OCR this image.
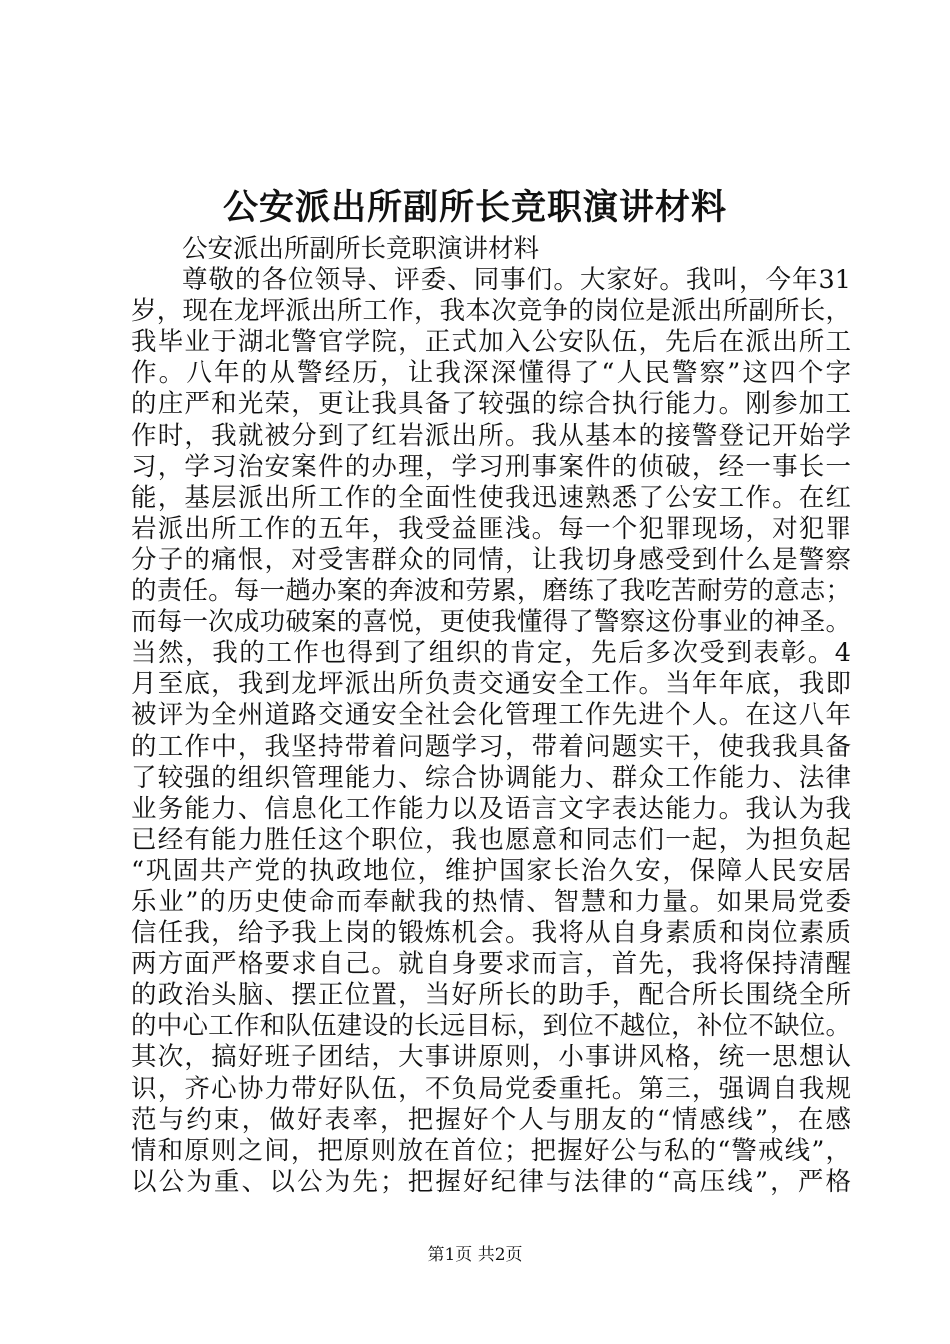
公安派出所副所长竞职演讲材料
公安派出所副所长竞职演讲材料
尊敬的各位领导、评委、同事们。大家好。我叫，今年31
岁，现在龙坪派出所工作，我本次竞争的岗位是派出所副所长，
我毕业于湖北警官学院，正式加入公安队伍，先后在派出所工
作。八年的从警经历，让我深深懂得了“人民警察”这四个字
的庄严和光荣，更让我具备了较强的综合执行能力。刚参加工
作时，我就被分到了红岩派出所。我从基本的接警登记开始学
习，学习治安案件的办理，学习刑事案件的侦破，经一事长一
能，基层派出所工作的全面性使我迅速熟悉了公安工作。在红
岩派出所工作的五年，我受益匪浅。每一个犯罪现场，对犯罪
分子的痛恨，对受害群众的同情，让我切身感受到什么是警察
的责任。每一趟办案的奔波和劳累，磨练了我吃苦耐劳的意志；
而每一次成功破案的喜悦，更使我懂得了警察这份事业的神圣。
当然，我的工作也得到了组织的肯定，先后多次受到表彰。4
月至底，我到龙坪派出所负责交通安全工作。当年年底，我即
被评为全州道路交通安全社会化管理工作先进个人。在这八年
的工作中，我坚持带着问题学习，带着问题实干，使我我具备
了较强的组织管理能力、综合协调能力、群众工作能力、法律
业务能力、信息化工作能力以及语言文字表达能力。我认为我
已经有能力胜任这个职位，我也愿意和同志们一起，为担负起
“巩固共产党的执政地位，维护国家长治久安，保障人民安居
乐业”的历史使命而奉献我的热情、智慧和力量。如果局党委
信任我，给予我上岗的锻炼机会。我将从自身素质和岗位素质
两方面严格要求自己。就自身要求而言，首先，我将保持清醒
的政治头脑、摆正位置，当好所长的助手，配合所长围绕全所
的中心工作和队伍建设的长远目标，到位不越位，补位不缺位。
其次，搞好班子团结，大事讲原则，小事讲风格，统一思想认
识，齐心协力带好队伍，不负局党委重托。第三，强调自我规
范与约束，做好表率，把握好个人与朋友的“情感线”，在感
情和原则之间，把原则放在首位；把握好公与私的“警戒线”，
以公为重、以公为先；把握好纪律与法律的“高压线”，严格
第1页 共2页
